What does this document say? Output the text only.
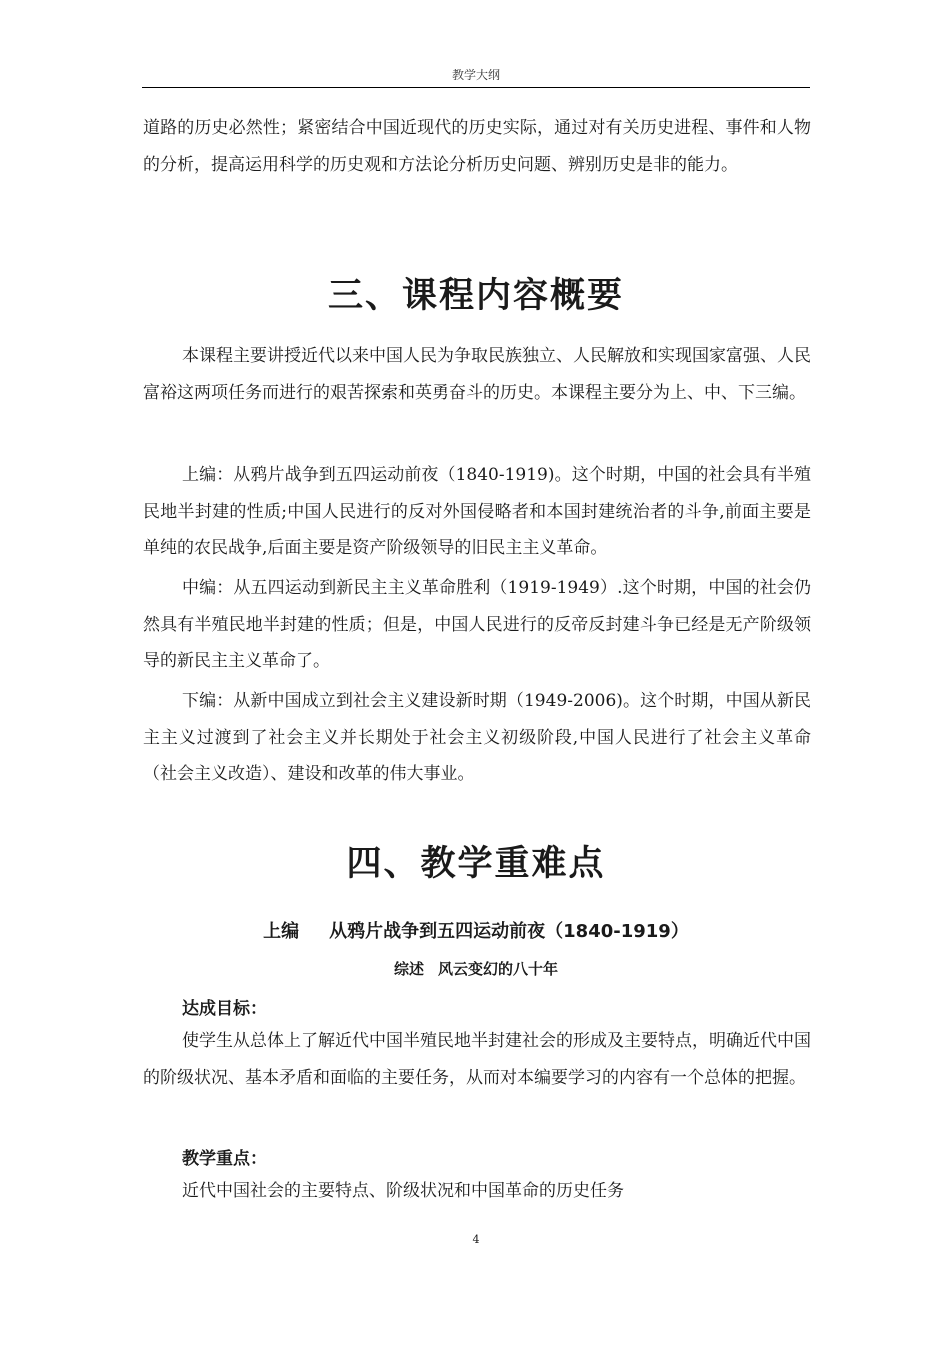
教学大纲

道路的历史必然性；紧密结合中国近现代的历史实际，通过对有关历史进程、事件和人物的分析，提高运用科学的历史观和方法论分析历史问题、辨别历史是非的能力。

三、课程内容概要

本课程主要讲授近代以来中国人民为争取民族独立、人民解放和实现国家富强、人民富裕这两项任务而进行的艰苦探索和英勇奋斗的历史。本课程主要分为上、中、下三编。

上编：从鸦片战争到五四运动前夜（1840-1919)。这个时期，中国的社会具有半殖民地半封建的性质;中国人民进行的反对外国侵略者和本国封建统治者的斗争,前面主要是单纯的农民战争,后面主要是资产阶级领导的旧民主主义革命。

中编：从五四运动到新民主主义革命胜利（1919-1949）.这个时期，中国的社会仍然具有半殖民地半封建的性质；但是，中国人民进行的反帝反封建斗争已经是无产阶级领导的新民主主义革命了。

下编：从新中国成立到社会主义建设新时期（1949-2006)。这个时期，中国从新民主主义过渡到了社会主义并长期处于社会主义初级阶段,中国人民进行了社会主义革命（社会主义改造）、建设和改革的伟大事业。

四、教学重难点

上编 从鸦片战争到五四运动前夜（1840-1919）

综述 风云变幻的八十年

达成目标：

使学生从总体上了解近代中国半殖民地半封建社会的形成及主要特点，明确近代中国的阶级状况、基本矛盾和面临的主要任务，从而对本编要学习的内容有一个总体的把握。

教学重点：

近代中国社会的主要特点、阶级状况和中国革命的历史任务

4
